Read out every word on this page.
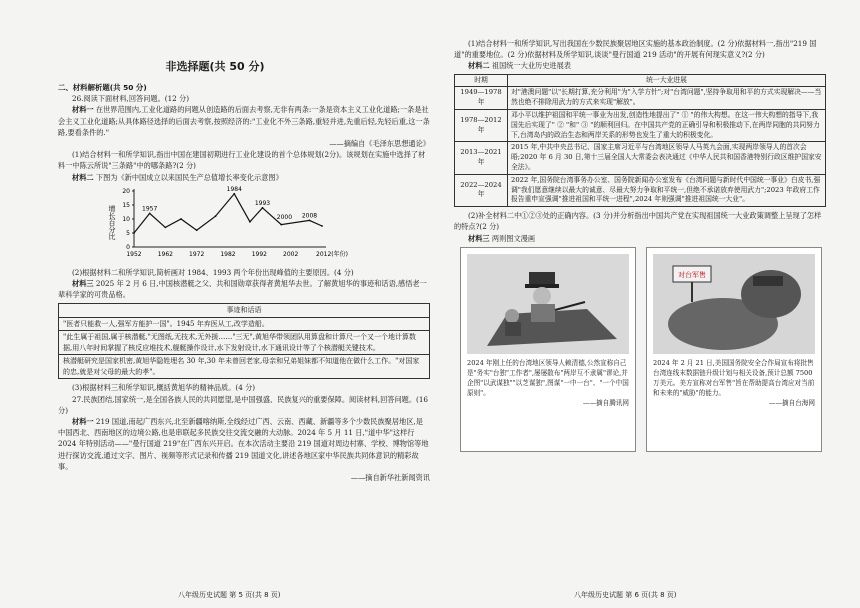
非选择题(共 50 分)

二、材料解析题(共 50 分)

26.阅读下面材料,回答问题。(12 分)

材料一 在世界范围内,工业化道路的问题从创造路的后面去考察,无非有两条:一条是资本主义工业化道路;一条是社会主义工业化道路;从具体路径选择的后面去考察,按照经济的:"工业化不外三条路,重轻并进,先重后轻,先轻后重,这一条路,要看条件的."

——摘编自《毛泽东思想通论》

(1)结合材料一和所学知识,指出中国在建国初期进行工业化建设的首个总体规划(2分)。该规划在实施中选择了材料一中陈云所说"三条路"中的哪条路?(2 分)

材料二 下图为《新中国成立以来国民生产总值增长率变化示意图》

0
5
10
15
20
1952	1962	1972	1982	1992	2002	2012(年份)
增长百分比	1957
1984
1993
2000 2008

(2)根据材料二和所学知识,简析画对 1984、1993 两个年份出现峰值的主要原因。(4 分)

材料三 2025 年 2 月 6 日,中国核潜艇之父、共和国勋章获得者黄旭华去世。了解黄旭华的事迹和话语,感悟老一辈科学家的可贵品格。

事迹和话语
"医者只能救一人,强军方能护一国"。1945 年弃医从工,改学造船。
"此生属于祖国,属于核潜艇,"无图纸,无技术,无外援……"三无",黄旭华带领团队用算盘和计算尺一个又一个地计算数据,用八年时间掌握了核反应堆技术,舰艇操作设计,水下发射设计,水下通讯设计等了个核潜艇关键技术。
核潜艇研究是国家机密,黄旭华隐姓埋名 30 年,30 年未曾回老家,母亲和兄弟姐妹都不知道他在做什么工作。"对国家的忠,就是对父母的最大的孝"。

(3)根据材料三和所学知识,概括黄旭华的精神品质。(4 分)

27.民族团结,国家统一,是全国各族人民的共同愿望,是中国强盛、民族复兴的重要保障。阅读材料,回答问题。(16 分)

材料一 219 国道,南起广西东兴,北至新疆喀纳斯,全线经过广西、云南、西藏、新疆等多个少数民族聚居地区,是中国西北、西南地区的边境公路,也是串联起多民族交往交流交融的大动脉。2024 年 5 月 11 日,"道中华"这样行 2024 年特别活动——"曼行国道 219"在广西东兴开启。在本次活动主要沿 219 国道对周边村寨、学校、博物馆等地进行探访交流,通过文字、图片、视频等形式记录和传播 219 国道文化,讲述各地区家中华民族共同体意识的精彩故事。

——摘自新华社新闻资讯

(1)结合材料一和所学知识,写出我国在少数民族聚居地区实施的基本政治制度。(2 分)依据材料一,指出"219 国道"的重要地位。(2 分)依据材料及所学知识,谈谈"曼行国道 219 活动"的开展有何现实意义?(2 分)

材料二 祖国统一大业历史进展表

时期	统一大业进展
1949—1978 年	对"港澳问题"以"长期打算,充分利用"为"入学方针";对"台湾问题",坚持争取用和平的方式实现解决——当然也绝不排除用武力的方式来实现"解放"。
1978—2012 年	邓小平以维护祖国和平统一事业为出发,创造性地提出了" ① "的伟大构想。在这一伟大构想的指导下,我国先后实现了" ② "和" ③ "的顺利回归。在中国共产党的正确引导和积极推动下,在两岸同胞的共同努力下,台湾岛内的政治生态和两岸关系的形势也发生了重大的积极变化。
2013—2021 年	2015 年,中共中央总书记、国家主席习近平与台湾地区领导人马英九会面,实现两岸领导人的首次会晤;2020 年 6 月 30 日,第十三届全国人大常委会表决通过《中华人民共和国香港特别行政区维护国家安全法》。
2022—2024 年	2022 年,国务院台湾事务办公室、国务院新闻办公室发布《台湾问题与新时代中国统一事业》白皮书,强调"我们愿意继续以最大的诚意、尽最大努力争取和平统一,但绝不承诺放弃使用武力";2023 年政府工作报告重申宣强调"推进祖国和平统一进程",2024 年则强调"推进祖国统一大业"。

(2)补全材料二中①②③处的正确内容。(3 分)并分析指出中国共产党在实现祖国统一大业政策调整上呈现了怎样的特点?(2 分)

材料三 两则图文漫画

2024 年刚上任的台湾地区领导人赖清德,公然宣称自己是"务实"台独"工作者",屡屡散布"两岸互不隶属"谬论,并企图"以武谋独""以芝谋独",图谋"一中一台"、"一个中国原则"。
——摘自腾讯网
对台军售
2024 年 2 月 21 日,美国国务院安全合作局宣布将批售台湾连线末数据链升级计划与相关设备,预计总额 7500 万美元。美方宣称对台军售"旨在帮助提高台湾应对当前和未来的"威胁"的能力。
——摘自台海网
八年级历史试题 第 5 页(共 8 页)	八年级历史试题 第 6 页(共 8 页)
